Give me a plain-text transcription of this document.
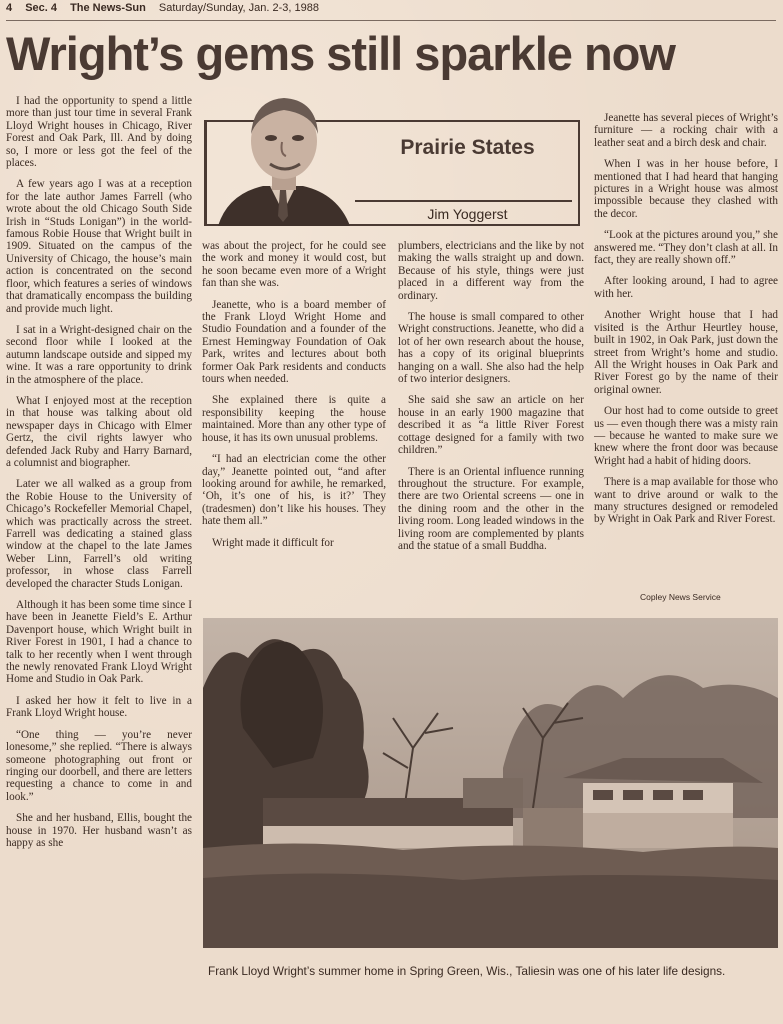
4 Sec. 4 The News-Sun Saturday/Sunday, Jan. 2-3, 1988
Wright’s gems still sparkle now

I had the opportunity to spend a little more than just tour time in several Frank Lloyd Wright houses in Chicago, River Forest and Oak Park, Ill. And by doing so, I more or less got the feel of the places.

A few years ago I was at a reception for the late author James Farrell (who wrote about the old Chicago South Side Irish in “Studs Lonigan”) in the world-famous Robie House that Wright built in 1909. Situated on the campus of the University of Chicago, the house’s main action is concentrated on the second floor, which features a series of windows that dramatically encompass the building and provide much light.

I sat in a Wright-designed chair on the second floor while I looked at the autumn landscape outside and sipped my wine. It was a rare opportunity to drink in the atmosphere of the place.

What I enjoyed most at the reception in that house was talking about old newspaper days in Chicago with Elmer Gertz, the civil rights lawyer who defended Jack Ruby and Harry Barnard, a columnist and biographer.

Later we all walked as a group from the Robie House to the University of Chicago’s Rockefeller Memorial Chapel, which was practically across the street. Farrell was dedicating a stained glass window at the chapel to the late James Weber Linn, Farrell’s old writing professor, in whose class Farrell developed the character Studs Lonigan.

Although it has been some time since I have been in Jeanette Field’s E. Arthur Davenport house, which Wright built in River Forest in 1901, I had a chance to talk to her recently when I went through the newly renovated Frank Lloyd Wright Home and Studio in Oak Park.

I asked her how it felt to live in a Frank Lloyd Wright house.

“One thing — you’re never lonesome,” she replied. “There is always someone photographing out front or ringing our doorbell, and there are letters requesting a chance to come in and look.”

She and her husband, Ellis, bought the house in 1970. Her husband wasn’t as happy as she

Prairie States
Jim Yoggerst

was about the project, for he could see the work and money it would cost, but he soon became even more of a Wright fan than she was.

Jeanette, who is a board member of the Frank Lloyd Wright Home and Studio Foundation and a founder of the Ernest Hemingway Foundation of Oak Park, writes and lectures about both former Oak Park residents and conducts tours when needed.

She explained there is quite a responsibility keeping the house maintained. More than any other type of house, it has its own unusual problems.

“I had an electrician come the other day,” Jeanette pointed out, “and after looking around for awhile, he remarked, ‘Oh, it’s one of his, is it?’ They (tradesmen) don’t like his houses. They hate them all.”

Wright made it difficult for

plumbers, electricians and the like by not making the walls straight up and down. Because of his style, things were just placed in a different way from the ordinary.

The house is small compared to other Wright constructions. Jeanette, who did a lot of her own research about the house, has a copy of its original blueprints hanging on a wall. She also had the help of two interior designers.

She said she saw an article on her house in an early 1900 magazine that described it as “a little River Forest cottage designed for a family with two children.”

There is an Oriental influence running throughout the structure. For example, there are two Oriental screens — one in the dining room and the other in the living room. Long leaded windows in the living room are complemented by plants and the statue of a small Buddha.

Jeanette has several pieces of Wright’s furniture — a rocking chair with a leather seat and a birch desk and chair.

When I was in her house before, I mentioned that I had heard that hanging pictures in a Wright house was almost impossible because they clashed with the decor.

“Look at the pictures around you,” she answered me. “They don’t clash at all. In fact, they are really shown off.”

After looking around, I had to agree with her.

Another Wright house that I had visited is the Arthur Heurtley house, built in 1902, in Oak Park, just down the street from Wright’s home and studio. All the Wright houses in Oak Park and River Forest go by the name of their original owner.

Our host had to come outside to greet us — even though there was a misty rain — because he wanted to make sure we knew where the front door was because Wright had a habit of hiding doors.

There is a map available for those who want to drive around or walk to the many structures designed or remodeled by Wright in Oak Park and River Forest.

Copley News Service
Frank Lloyd Wright’s summer home in Spring Green, Wis., Taliesin was one of his later life designs.
